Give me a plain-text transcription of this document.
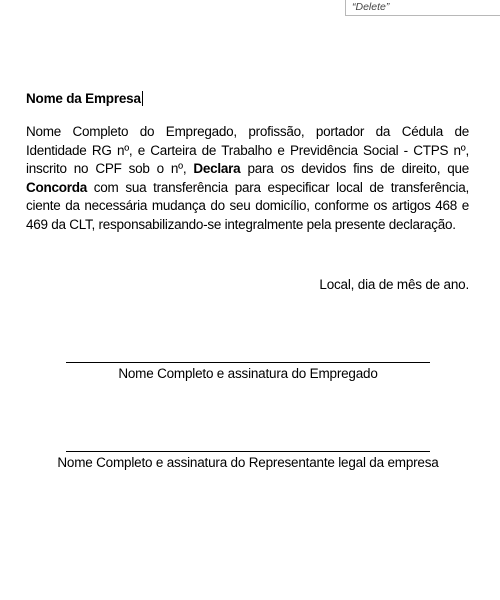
“Delete”
Nome da Empresa

Nome Completo do Empregado, profissão, portador da Cédula de Identidade RG nº, e Carteira de Trabalho e Previdência Social - CTPS nº, inscrito no CPF sob o nº, Declara para os devidos fins de direito, que Concorda com sua transferência para especificar local de transferência, ciente da necessária mudança do seu domicílio, conforme os artigos 468 e 469 da CLT, responsabilizando-se integralmente pela presente declaração.

Local, dia de mês de ano.
Nome Completo e assinatura do Empregado
Nome Completo e assinatura do Representante legal da empresa
